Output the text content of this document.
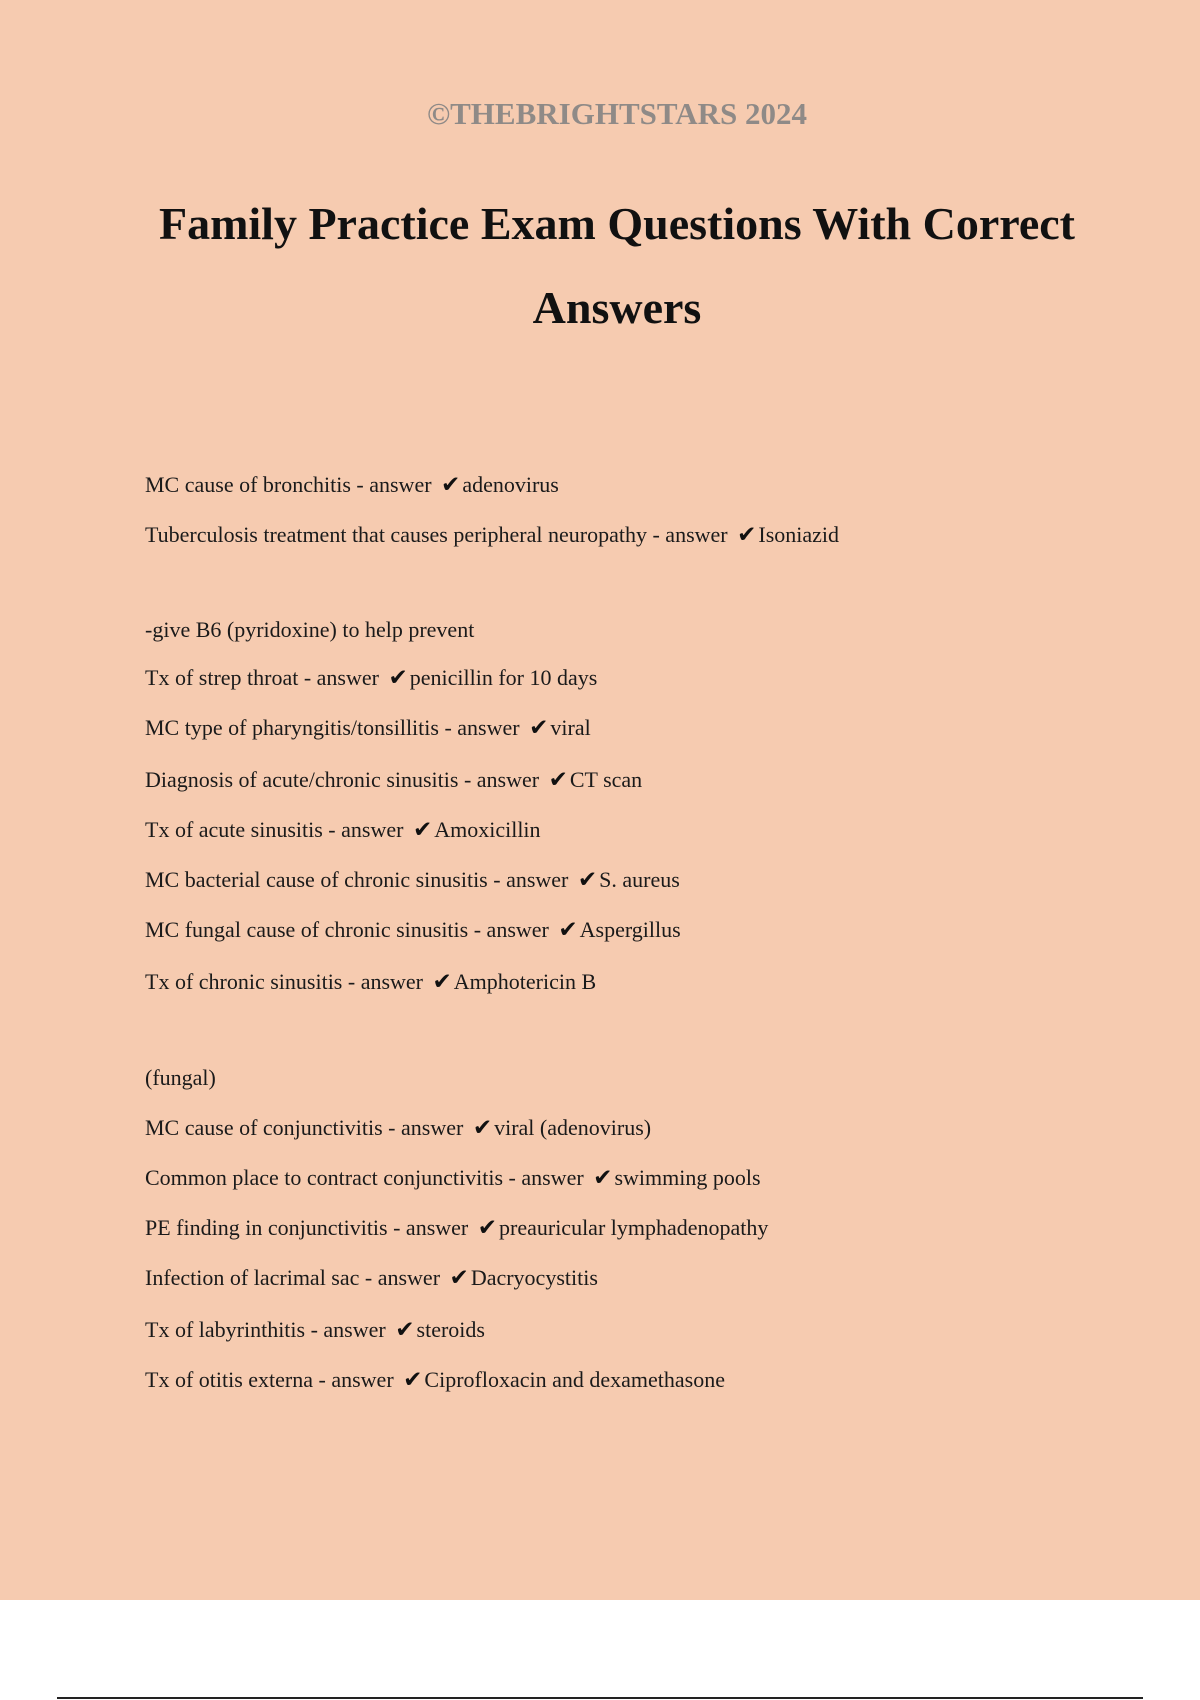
©THEBRIGHTSTARS 2024
Family Practice Exam Questions With Correct Answers
MC cause of bronchitis - answer ✔adenovirus
Tuberculosis treatment that causes peripheral neuropathy - answer ✔Isoniazid
-give B6 (pyridoxine) to help prevent
Tx of strep throat - answer ✔penicillin for 10 days
MC type of pharyngitis/tonsillitis - answer ✔viral
Diagnosis of acute/chronic sinusitis - answer ✔CT scan
Tx of acute sinusitis - answer ✔Amoxicillin
MC bacterial cause of chronic sinusitis - answer ✔S. aureus
MC fungal cause of chronic sinusitis - answer ✔Aspergillus
Tx of chronic sinusitis - answer ✔Amphotericin B
(fungal)
MC cause of conjunctivitis - answer ✔viral (adenovirus)
Common place to contract conjunctivitis - answer ✔swimming pools
PE finding in conjunctivitis - answer ✔preauricular lymphadenopathy
Infection of lacrimal sac - answer ✔Dacryocystitis
Tx of labyrinthitis - answer ✔steroids
Tx of otitis externa - answer ✔Ciprofloxacin and dexamethasone
